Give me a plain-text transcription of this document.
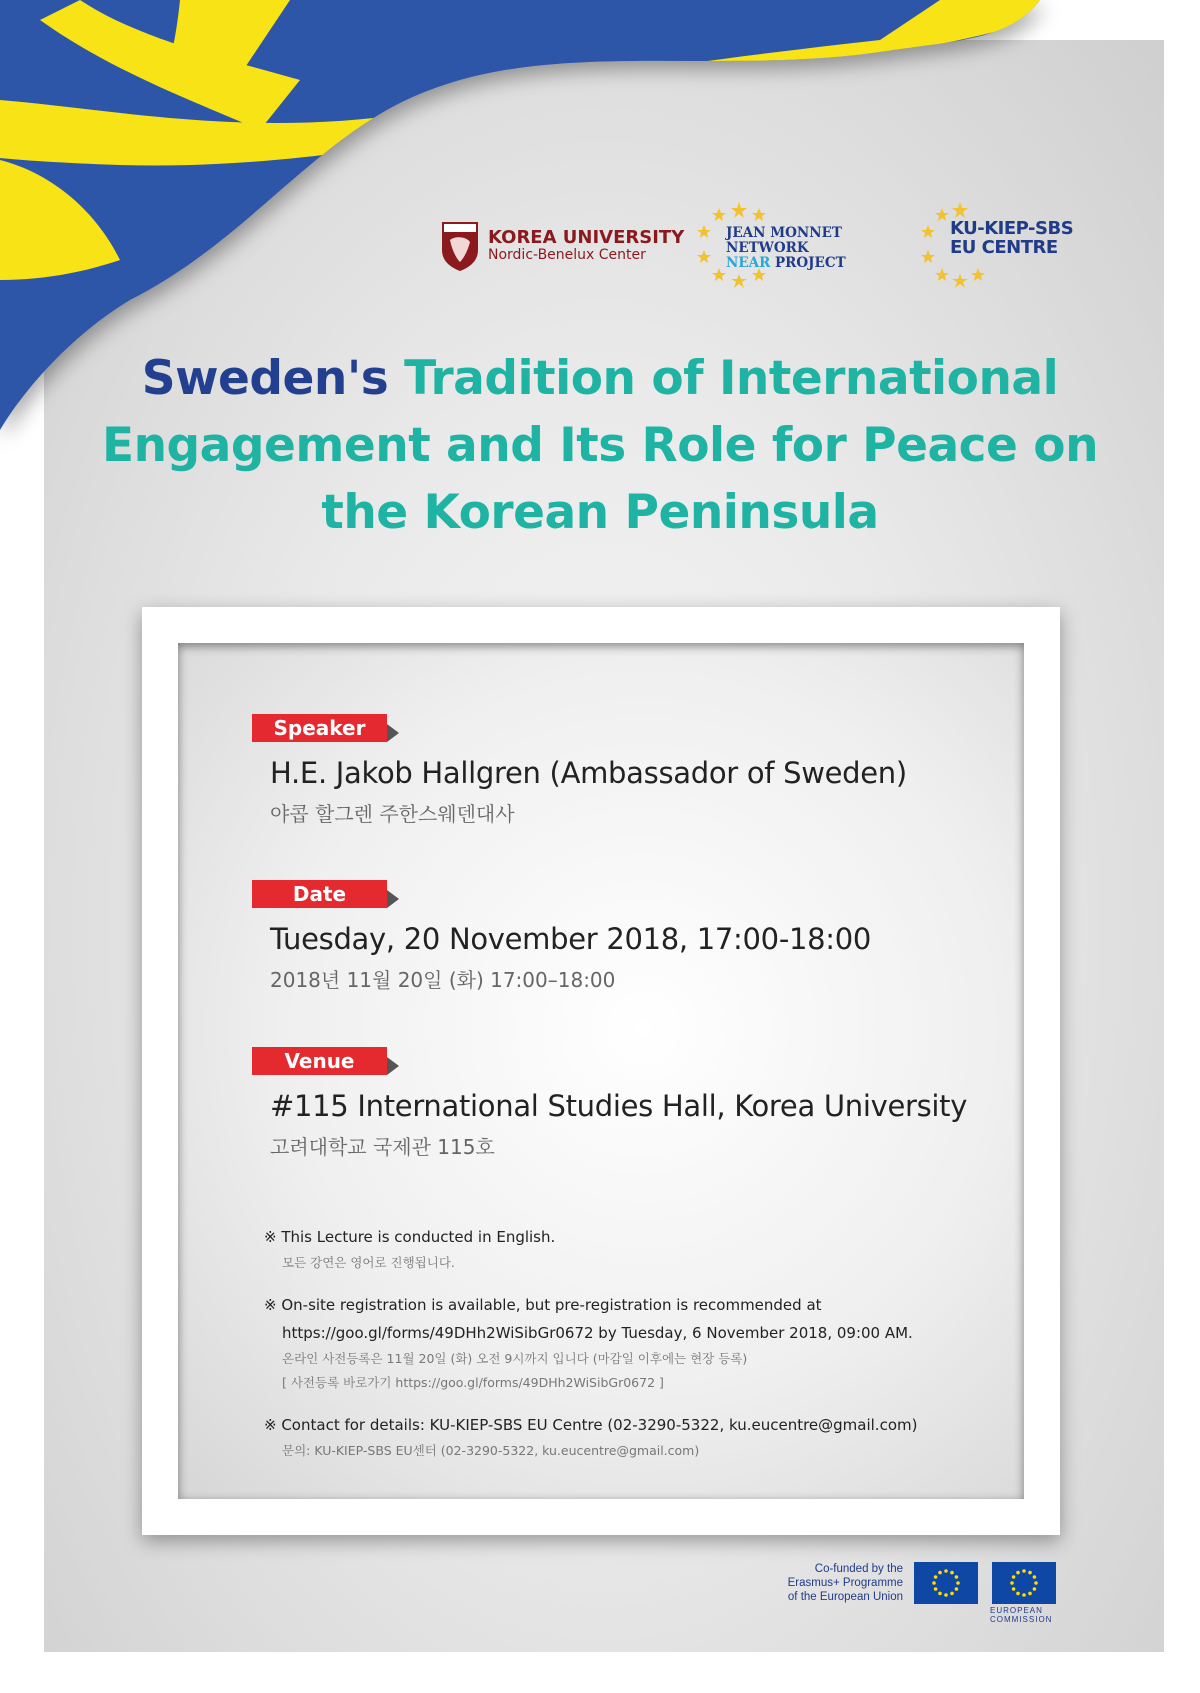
KOREA UNIVERSITY
Nordic-Benelux Center
JEAN MONNET NETWORK
NEAR PROJECT
KU-KIEP-SBS
EU CENTRE
Sweden's Tradition of International
Engagement and Its Role for Peace on
the Korean Peninsula
Speaker
H.E. Jakob Hallgren (Ambassador of Sweden)
야콥 할그렌 주한스웨덴대사
Date
Tuesday, 20 November 2018, 17:00-18:00
2018년 11월 20일 (화) 17:00–18:00
Venue
#115 International Studies Hall, Korea University
고려대학교 국제관 115호
※ This Lecture is conducted in English.
모든 강연은 영어로 진행됩니다.
※ On-site registration is available, but pre-registration is recommended at
https://goo.gl/forms/49DHh2WiSibGr0672 by Tuesday, 6 November 2018, 09:00 AM.
온라인 사전등록은 11월 20일 (화) 오전 9시까지 입니다 (마감일 이후에는 현장 등록)
[ 사전등록 바로가기 https://goo.gl/forms/49DHh2WiSibGr0672 ]
※ Contact for details: KU-KIEP-SBS EU Centre (02-3290-5322, ku.eucentre@gmail.com)
문의: KU-KIEP-SBS EU센터 (02-3290-5322, ku.eucentre@gmail.com)
Co-funded by the
Erasmus+ Programme
of the European Union
EUROPEAN
COMMISSION
